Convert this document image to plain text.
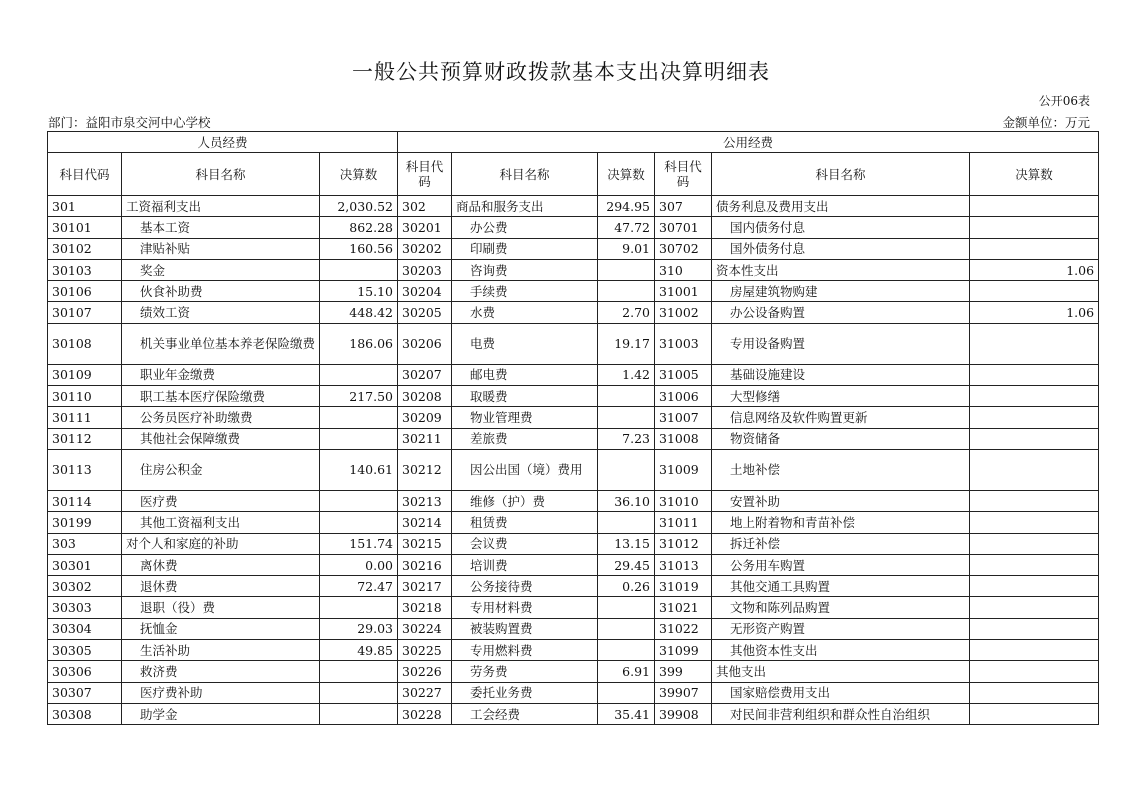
一般公共预算财政拨款基本支出决算明细表
公开06表
部门：益阳市泉交河中心学校	金额单位：万元
人员经费			公用经费					
科目代码	科目名称	决算数	科目代码	科目名称	决算数	科目代码	科目名称	决算数
301	工资福利支出	2,030.52	302	商品和服务支出	294.95	307	债务利息及费用支出	
30101	基本工资	862.28	30201	办公费	47.72	30701	国内债务付息	
30102	津贴补贴	160.56	30202	印刷费	9.01	30702	国外债务付息	
30103	奖金		30203	咨询费		310	资本性支出	1.06
30106	伙食补助费	15.10	30204	手续费		31001	房屋建筑物购建	
30107	绩效工资	448.42	30205	水费	2.70	31002	办公设备购置	1.06
30108	机关事业单位基本养老保险缴费	186.06	30206	电费	19.17	31003	专用设备购置	
30109	职业年金缴费		30207	邮电费	1.42	31005	基础设施建设	
30110	职工基本医疗保险缴费	217.50	30208	取暖费		31006	大型修缮	
30111	公务员医疗补助缴费		30209	物业管理费		31007	信息网络及软件购置更新	
30112	其他社会保障缴费		30211	差旅费	7.23	31008	物资储备	
30113	住房公积金	140.61	30212	因公出国（境）费用		31009	土地补偿	
30114	医疗费		30213	维修（护）费	36.10	31010	安置补助	
30199	其他工资福利支出		30214	租赁费		31011	地上附着物和青苗补偿	
303	对个人和家庭的补助	151.74	30215	会议费	13.15	31012	拆迁补偿	
30301	离休费	0.00	30216	培训费	29.45	31013	公务用车购置	
30302	退休费	72.47	30217	公务接待费	0.26	31019	其他交通工具购置	
30303	退职（役）费		30218	专用材料费		31021	文物和陈列品购置	
30304	抚恤金	29.03	30224	被装购置费		31022	无形资产购置	
30305	生活补助	49.85	30225	专用燃料费		31099	其他资本性支出	
30306	救济费		30226	劳务费	6.91	399	其他支出	
30307	医疗费补助		30227	委托业务费		39907	国家赔偿费用支出	
30308	助学金		30228	工会经费	35.41	39908	对民间非营利组织和群众性自治组织	
